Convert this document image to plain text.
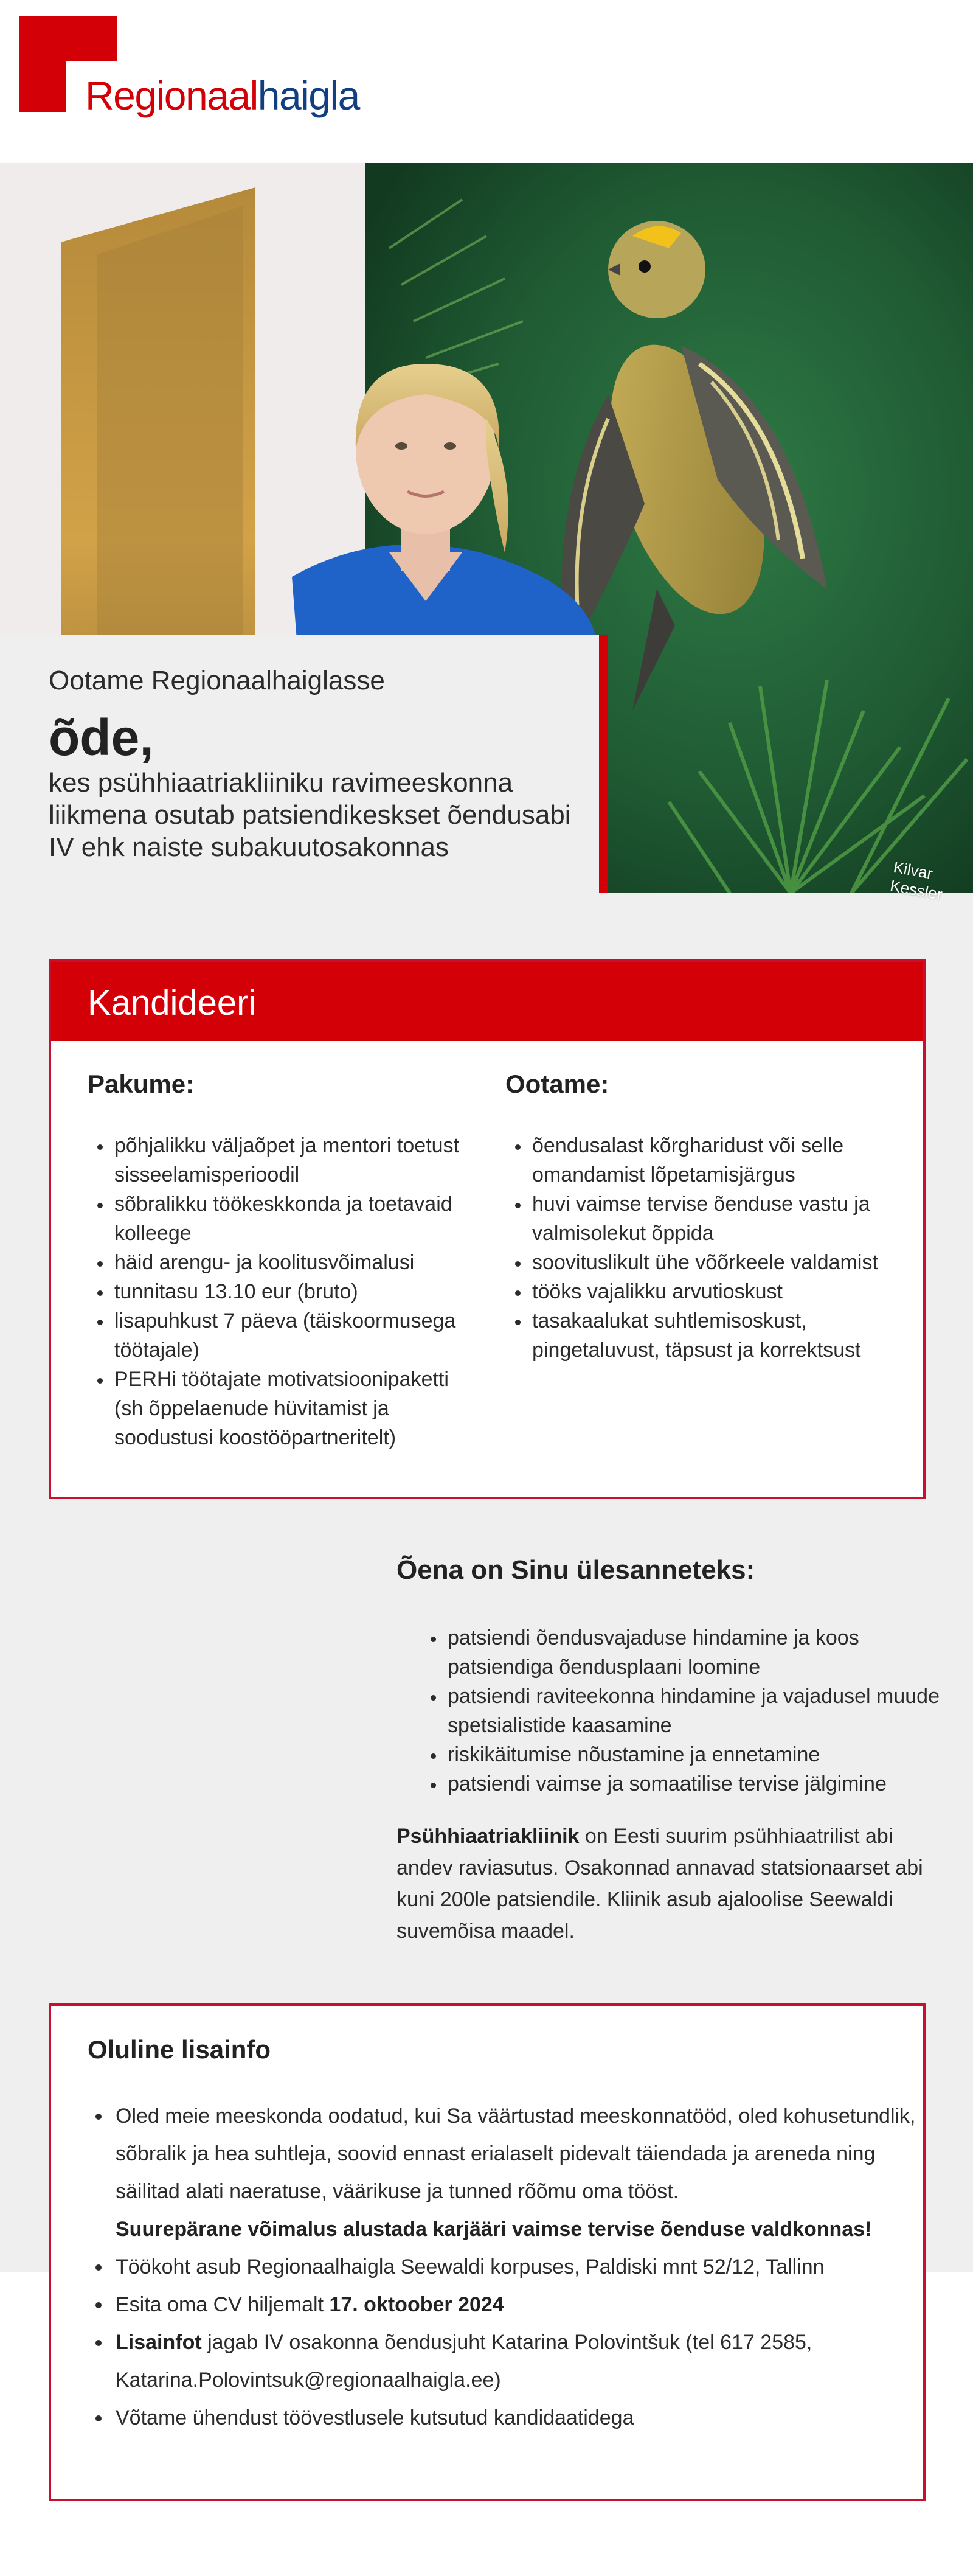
Regionaalhaigla
Kilvar Kessler
Ootame Regionaalhaiglasse
õde,
kes psühhiaatriakliiniku ravimeeskonna liikmena osutab patsiendikeskset õendusabi IV ehk naiste subakuutosakonnas
Kandideeri
Pakume:
• põhjalikku väljaõpet ja mentori toetust sisseelamisperioodil
• sõbralikku töökeskkonda ja toetavaid kolleege
• häid arengu- ja koolitusvõimalusi
• tunnitasu 13.10 eur (bruto)
• lisapuhkust 7 päeva (täiskoormusega töötajale)
• PERHi töötajate motivatsioonipaketti (sh õppelaenude hüvitamist ja soodustusi koostööpartneritelt)
Ootame:
• õendusalast kõrgharidust või selle omandamist lõpetamisjärgus
• huvi vaimse tervise õenduse vastu ja valmisolekut õppida
• soovituslikult ühe võõrkeele valdamist
• tööks vajalikku arvutioskust
• tasakaalukat suhtlemisoskust, pingetaluvust, täpsust ja korrektsust
Õena on Sinu ülesanneteks:
• patsiendi õendusvajaduse hindamine ja koos patsiendiga õendusplaani loomine
• patsiendi raviteekonna hindamine ja vajadusel muude spetsialistide kaasamine
• riskikäitumise nõustamine ja ennetamine
• patsiendi vaimse ja somaatilise tervise jälgimine
Psühhiaatriakliinik on Eesti suurim psühhiaatrilist abi andev raviasutus. Osakonnad annavad statsionaarset abi kuni 200le patsiendile. Kliinik asub ajaloolise Seewaldi suvemõisa maadel.
Oluline lisainfo
• Oled meie meeskonda oodatud, kui Sa väärtustad meeskonnatööd, oled kohusetundlik, sõbralik ja hea suhtleja, soovid ennast erialaselt pidevalt täiendada ja areneda ning säilitad alati naeratuse, väärikuse ja tunned rõõmu oma tööst.
Suurepärane võimalus alustada karjääri vaimse tervise õenduse valdkonnas!
• Töökoht asub Regionaalhaigla Seewaldi korpuses, Paldiski mnt 52/12, Tallinn
• Esita oma CV hiljemalt 17. oktoober 2024
• Lisainfot jagab IV osakonna õendusjuht Katarina Polovintšuk (tel 617 2585, Katarina.Polovintsuk@regionaalhaigla.ee)
• Võtame ühendust töövestlusele kutsutud kandidaatidega
